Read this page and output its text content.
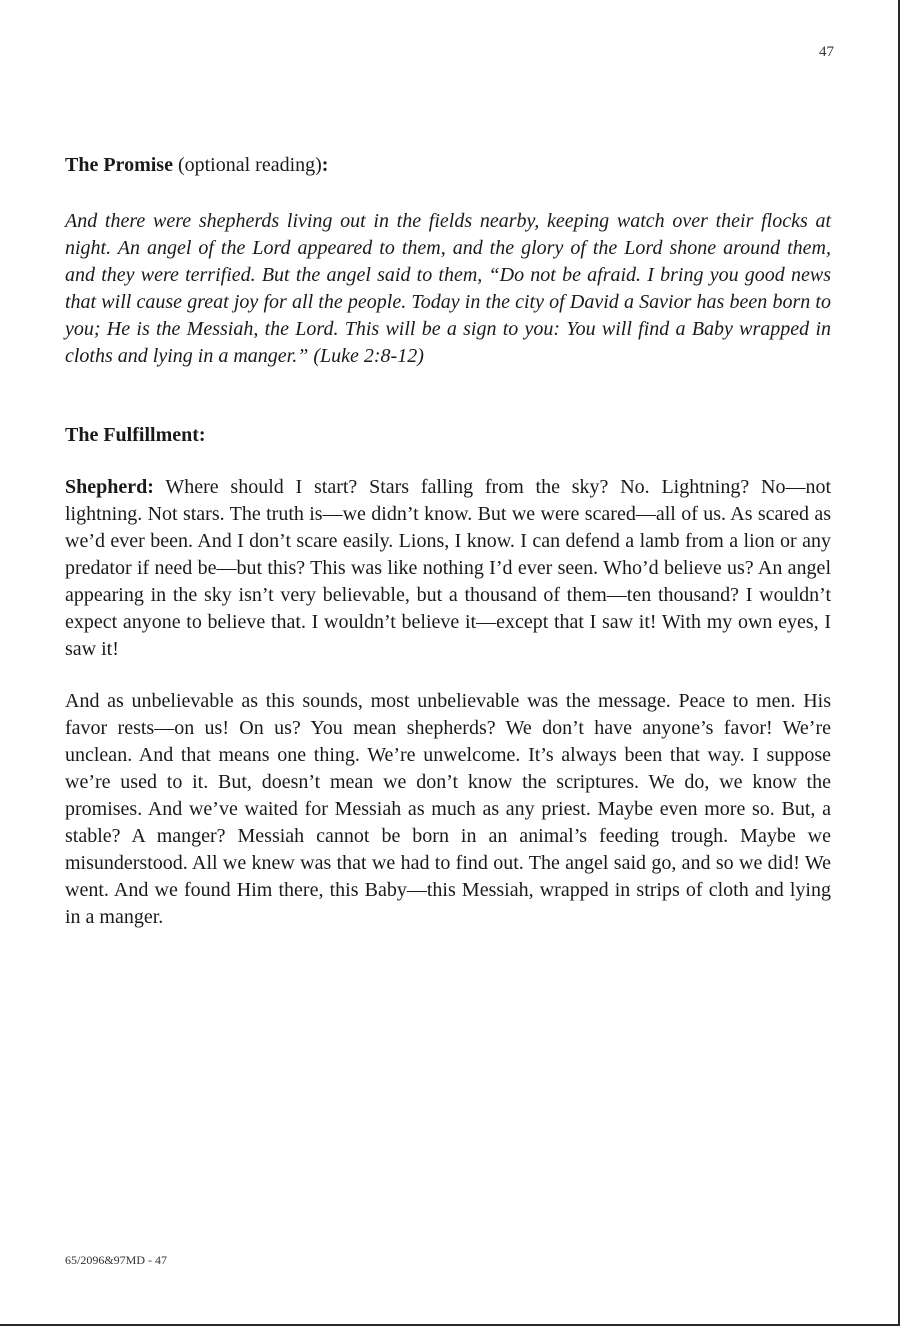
47
The Promise (optional reading):

And there were shepherds living out in the fields nearby, keeping watch over their flocks at night. An angel of the Lord appeared to them, and the glory of the Lord shone around them, and they were terrified. But the angel said to them, “Do not be afraid. I bring you good news that will cause great joy for all the people. Today in the city of David a Savior has been born to you; He is the Messiah, the Lord. This will be a sign to you: You will find a Baby wrapped in cloths and lying in a manger.” (Luke 2:8-12)

The Fulfillment:

Shepherd: Where should I start? Stars falling from the sky? No. Lightning? No—not lightning. Not stars. The truth is—we didn’t know. But we were scared—all of us. As scared as we’d ever been. And I don’t scare easily. Lions, I know. I can defend a lamb from a lion or any predator if need be—but this? This was like nothing I’d ever seen. Who’d believe us? An angel appearing in the sky isn’t very believable, but a thousand of them—ten thousand? I wouldn’t expect anyone to believe that. I wouldn’t believe it—except that I saw it! With my own eyes, I saw it!

And as unbelievable as this sounds, most unbelievable was the message. Peace to men. His favor rests—on us! On us? You mean shepherds? We don’t have anyone’s favor! We’re unclean. And that means one thing. We’re unwelcome. It’s always been that way. I suppose we’re used to it. But, doesn’t mean we don’t know the scriptures. We do, we know the promises. And we’ve waited for Messiah as much as any priest. Maybe even more so. But, a stable? A manger? Messiah cannot be born in an animal’s feeding trough. Maybe we misunderstood. All we knew was that we had to find out. The angel said go, and so we did! We went. And we found Him there, this Baby—this Messiah, wrapped in strips of cloth and lying in a manger.

65/2096&97MD - 47
